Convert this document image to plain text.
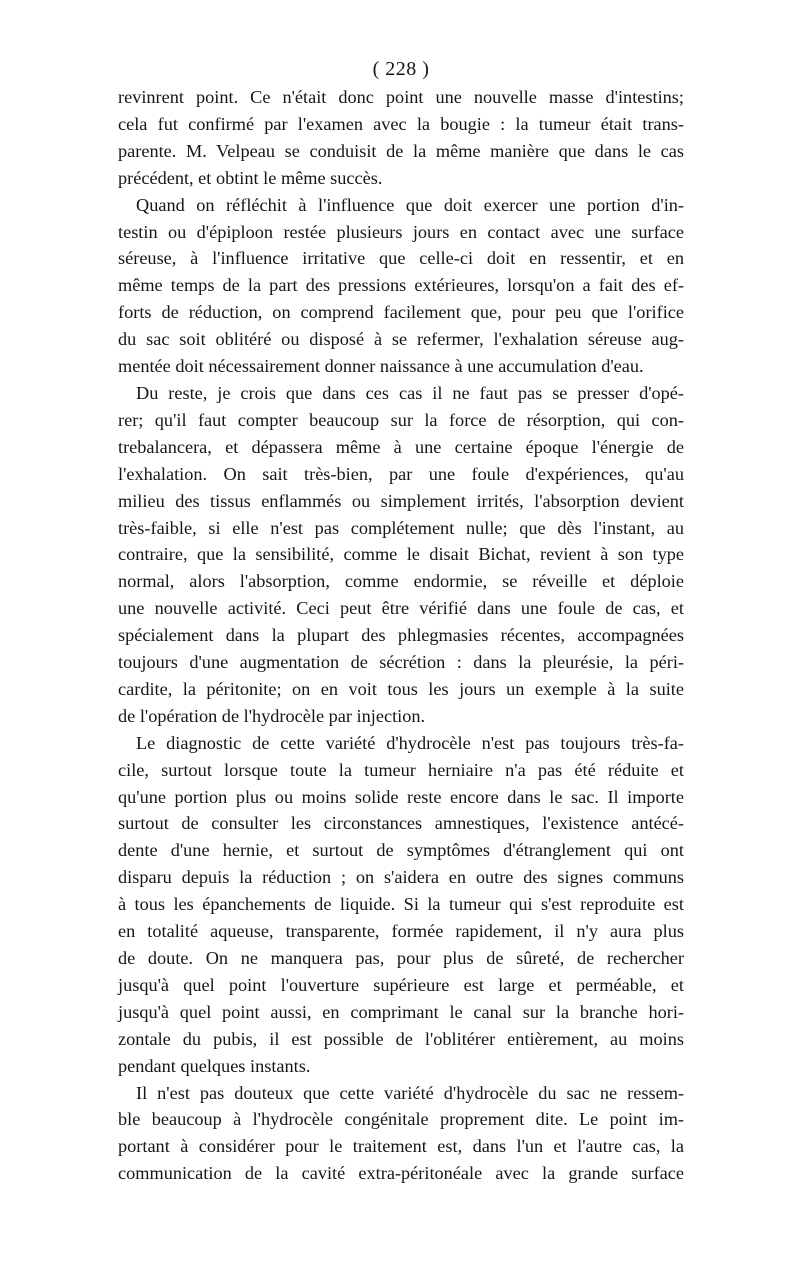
( 228 )
revinrent point. Ce n'était donc point une nouvelle masse d'intestins;
cela fut confirmé par l'examen avec la bougie : la tumeur était trans-
parente. M. Velpeau se conduisit de la même manière que dans le cas
précédent, et obtint le même succès.
Quand on réfléchit à l'influence que doit exercer une portion d'in-
testin ou d'épiploon restée plusieurs jours en contact avec une surface
séreuse, à l'influence irritative que celle-ci doit en ressentir, et en
même temps de la part des pressions extérieures, lorsqu'on a fait des ef-
forts de réduction, on comprend facilement que, pour peu que l'orifice
du sac soit oblitéré ou disposé à se refermer, l'exhalation séreuse aug-
mentée doit nécessairement donner naissance à une accumulation d'eau.
Du reste, je crois que dans ces cas il ne faut pas se presser d'opé-
rer; qu'il faut compter beaucoup sur la force de résorption, qui con-
trebalancera, et dépassera même à une certaine époque l'énergie de
l'exhalation. On sait très-bien, par une foule d'expériences, qu'au
milieu des tissus enflammés ou simplement irrités, l'absorption devient
très-faible, si elle n'est pas complétement nulle; que dès l'instant, au
contraire, que la sensibilité, comme le disait Bichat, revient à son type
normal, alors l'absorption, comme endormie, se réveille et déploie
une nouvelle activité. Ceci peut être vérifié dans une foule de cas, et
spécialement dans la plupart des phlegmasies récentes, accompagnées
toujours d'une augmentation de sécrétion : dans la pleurésie, la péri-
cardite, la péritonite; on en voit tous les jours un exemple à la suite
de l'opération de l'hydrocèle par injection.
Le diagnostic de cette variété d'hydrocèle n'est pas toujours très-fa-
cile, surtout lorsque toute la tumeur herniaire n'a pas été réduite et
qu'une portion plus ou moins solide reste encore dans le sac. Il importe
surtout de consulter les circonstances amnestiques, l'existence antécé-
dente d'une hernie, et surtout de symptômes d'étranglement qui ont
disparu depuis la réduction ; on s'aidera en outre des signes communs
à tous les épanchements de liquide. Si la tumeur qui s'est reproduite est
en totalité aqueuse, transparente, formée rapidement, il n'y aura plus
de doute. On ne manquera pas, pour plus de sûreté, de rechercher
jusqu'à quel point l'ouverture supérieure est large et perméable, et
jusqu'à quel point aussi, en comprimant le canal sur la branche hori-
zontale du pubis, il est possible de l'oblitérer entièrement, au moins
pendant quelques instants.
Il n'est pas douteux que cette variété d'hydrocèle du sac ne ressem-
ble beaucoup à l'hydrocèle congénitale proprement dite. Le point im-
portant à considérer pour le traitement est, dans l'un et l'autre cas, la
communication de la cavité extra-péritonéale avec la grande surface
